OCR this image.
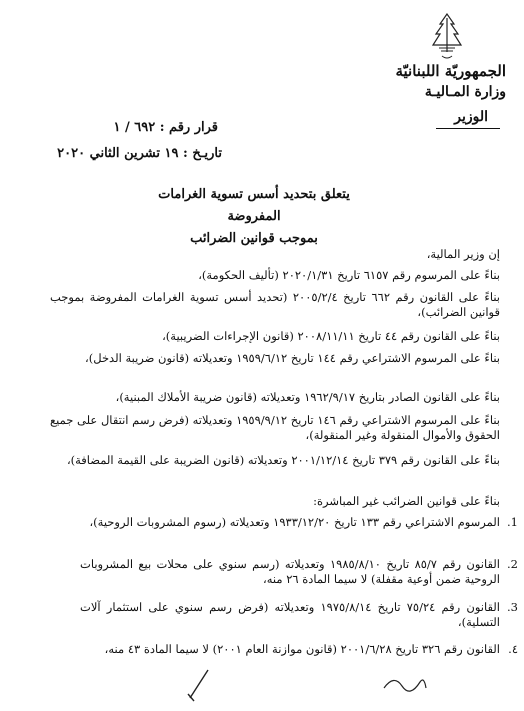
الجمهوريّة اللبنانيّة
وزارة المـاليـة
الوزير
قرار رقم : ٦٩٢ / ١
تاريـخ : ١٩ تشرين الثاني ٢٠٢٠
يتعلق بتحديد أسس تسوية الغرامات المفروضة
بموجب قوانين الضرائب
إن وزير المالية،
بناءً على المرسوم رقم ٦١٥٧ تاريخ ٢٠٢٠/١/٣١ (تأليف الحكومة)،
بناءً على القانون رقم ٦٦٢ تاريخ ٢٠٠٥/٢/٤ (تحديد أسس تسوية الغرامات المفروضة بموجب قوانين الضرائب)،
بناءً على القانون رقم ٤٤ تاريخ ٢٠٠٨/١١/١١ (قانون الإجراءات الضريبية)،
بناءً على المرسوم الاشتراعي رقم ١٤٤ تاريخ ١٩٥٩/٦/١٢ وتعديلاته (قانون ضريبة الدخل)،
بناءً على القانون الصادر بتاريخ ١٩٦٢/٩/١٧ وتعديلاته (قانون ضريبة الأملاك المبنية)،
بناءً على المرسوم الاشتراعي رقم ١٤٦ تاريخ ١٩٥٩/٩/١٢ وتعديلاته (فرض رسم انتقال على جميع الحقوق والأموال المنقولة وغير المنقولة)،
بناءً على القانون رقم ٣٧٩ تاريخ ٢٠٠١/١٢/١٤ وتعديلاته (قانون الضريبة على القيمة المضافة)،
بناءً على قوانين الضرائب غير المباشرة:
1.
المرسوم الاشتراعي رقم ١٣٣ تاريخ ١٩٣٣/١٢/٢٠ وتعديلاته (رسوم المشروبات الروحية)،
2.
القانون رقم ٨٥/٧ تاريخ ١٩٨٥/٨/١٠ وتعديلاته (رسم سنوي على محلات بيع المشروبات الروحية ضمن أوعية مقفلة) لا سيما المادة ٢٦ منه،
3.
القانون رقم ٧٥/٢٤ تاريخ ١٩٧٥/٨/١٤ وتعديلاته (فرض رسم سنوي على استثمار آلات التسلية)،
٤.
القانون رقم ٣٢٦ تاريخ ٢٠٠١/٦/٢٨ (قانون موازنة العام ٢٠٠١) لا سيما المادة ٤٣ منه،
